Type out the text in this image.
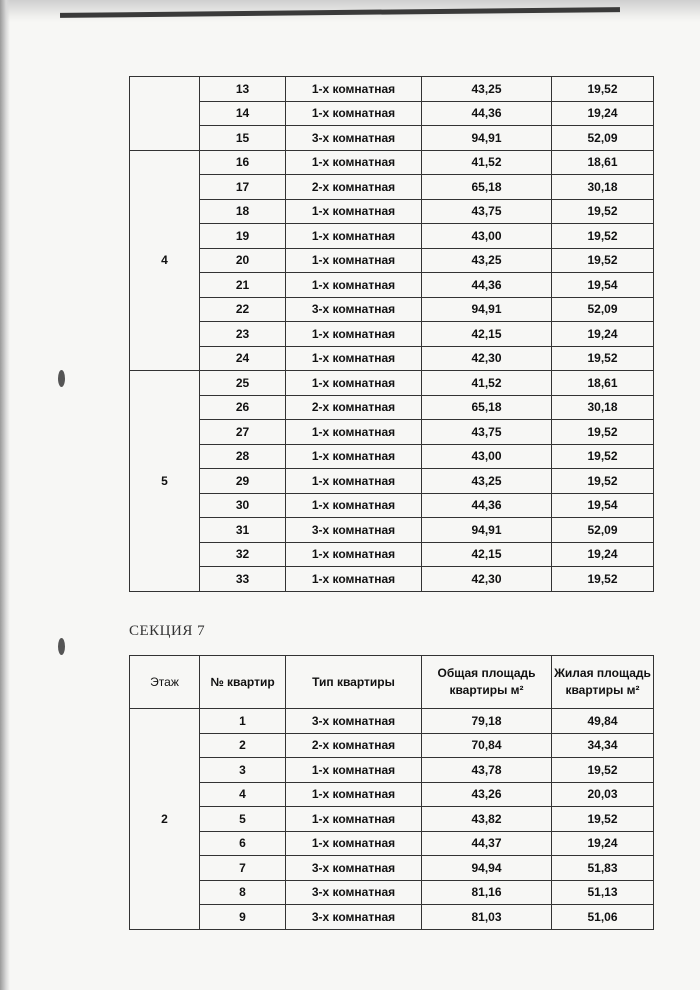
	13	1-х комнатная	43,25	19,52
	14	1-х комнатная	44,36	19,24
	15	3-х комнатная	94,91	52,09
4	16	1-х комнатная	41,52	18,61
	17	2-х комнатная	65,18	30,18
	18	1-х комнатная	43,75	19,52
	19	1-х комнатная	43,00	19,52
	20	1-х комнатная	43,25	19,52
	21	1-х комнатная	44,36	19,54
	22	3-х комнатная	94,91	52,09
	23	1-х комнатная	42,15	19,24
	24	1-х комнатная	42,30	19,52
5	25	1-х комнатная	41,52	18,61
	26	2-х комнатная	65,18	30,18
	27	1-х комнатная	43,75	19,52
	28	1-х комнатная	43,00	19,52
	29	1-х комнатная	43,25	19,52
	30	1-х комнатная	44,36	19,54
	31	3-х комнатная	94,91	52,09
	32	1-х комнатная	42,15	19,24
	33	1-х комнатная	42,30	19,52
СЕКЦИЯ 7
Этаж	№ квартир	Тип квартиры	Общая площадь квартиры м²	Жилая площадь квартиры м²
2	1	3-х комнатная	79,18	49,84
	2	2-х комнатная	70,84	34,34
	3	1-х комнатная	43,78	19,52
	4	1-х комнатная	43,26	20,03
	5	1-х комнатная	43,82	19,52
	6	1-х комнатная	44,37	19,24
	7	3-х комнатная	94,94	51,83
	8	3-х комнатная	81,16	51,13
	9	3-х комнатная	81,03	51,06
